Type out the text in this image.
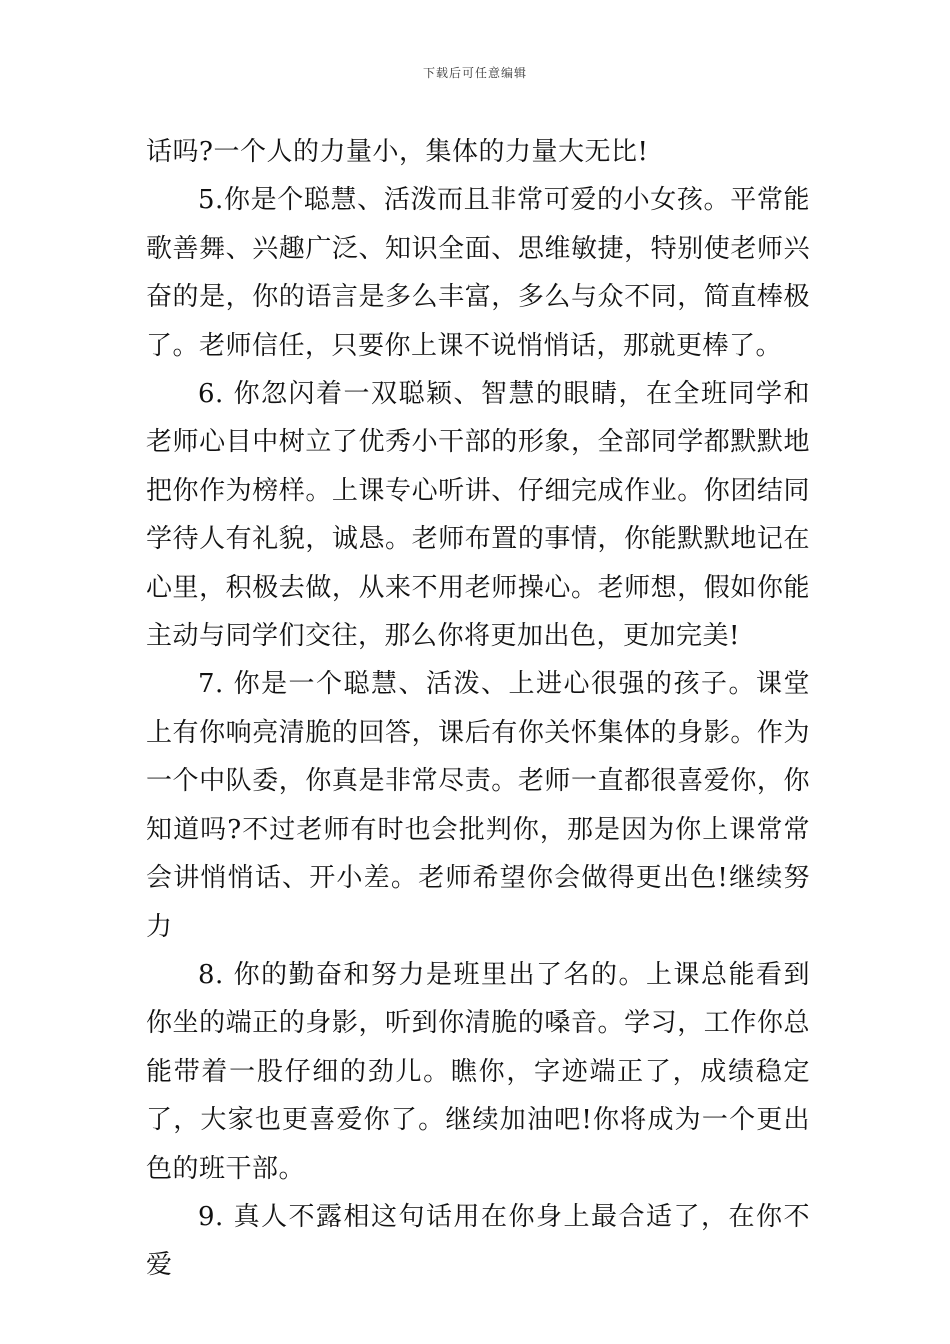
下载后可任意编辑

话吗?一个人的力量小，集体的力量大无比!

5.你是个聪慧、活泼而且非常可爱的小女孩。平常能歌善舞、兴趣广泛、知识全面、思维敏捷，特别使老师兴奋的是，你的语言是多么丰富，多么与众不同，简直棒极了。老师信任，只要你上课不说悄悄话，那就更棒了。

6. 你忽闪着一双聪颖、智慧的眼睛，在全班同学和老师心目中树立了优秀小干部的形象，全部同学都默默地把你作为榜样。上课专心听讲、仔细完成作业。你团结同学待人有礼貌，诚恳。老师布置的事情，你能默默地记在心里，积极去做，从来不用老师操心。老师想，假如你能主动与同学们交往，那么你将更加出色，更加完美!

7. 你是一个聪慧、活泼、上进心很强的孩子。课堂上有你响亮清脆的回答，课后有你关怀集体的身影。作为一个中队委，你真是非常尽责。老师一直都很喜爱你，你知道吗?不过老师有时也会批判你，那是因为你上课常常会讲悄悄话、开小差。老师希望你会做得更出色!继续努力

8. 你的勤奋和努力是班里出了名的。上课总能看到你坐的端正的身影，听到你清脆的嗓音。学习，工作你总能带着一股仔细的劲儿。瞧你，字迹端正了，成绩稳定了，大家也更喜爱你了。继续加油吧!你将成为一个更出色的班干部。

9. 真人不露相这句话用在你身上最合适了，在你不爱
